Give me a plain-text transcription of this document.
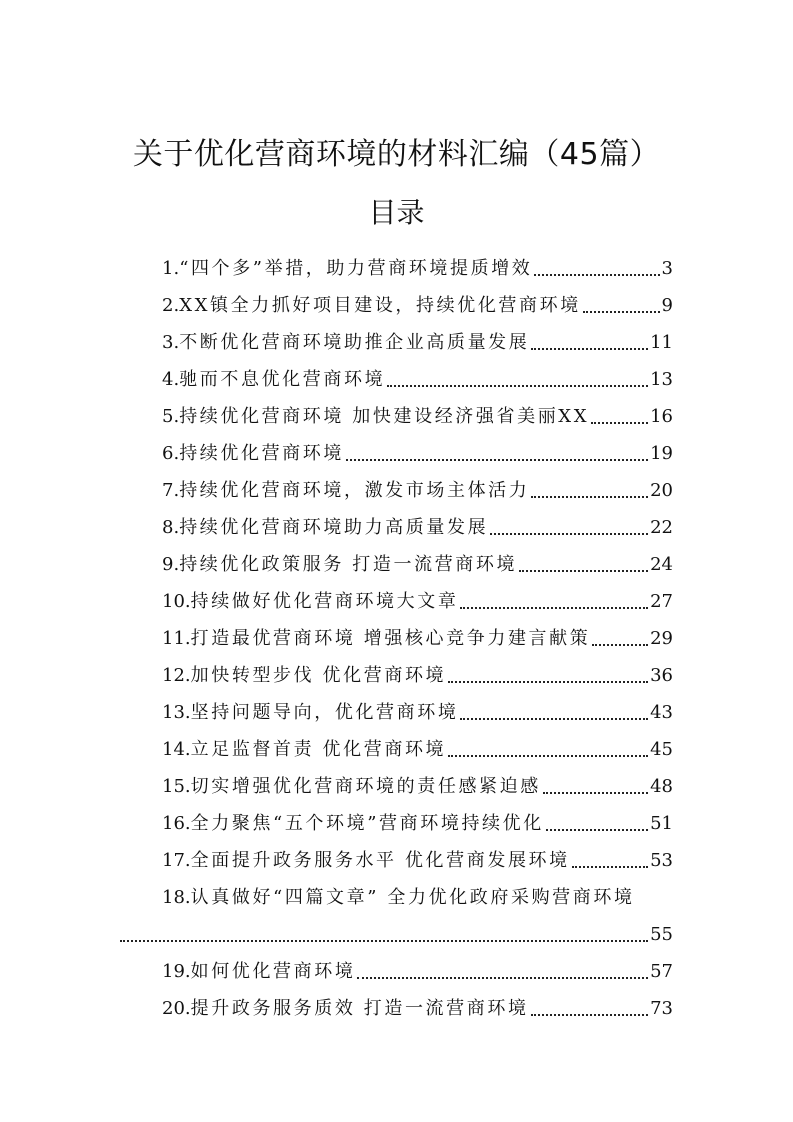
关于优化营商环境的材料汇编（45篇）
目录
1. “四个多”举措，助力营商环境提质增效	3
2. XX镇全力抓好项目建设，持续优化营商环境	9
3. 不断优化营商环境助推企业高质量发展	11
4. 驰而不息优化营商环境	13
5. 持续优化营商环境 加快建设经济强省美丽XX	16
6. 持续优化营商环境	19
7. 持续优化营商环境，激发市场主体活力	20
8. 持续优化营商环境助力高质量发展	22
9. 持续优化政策服务 打造一流营商环境	24
10. 持续做好优化营商环境大文章	27
11. 打造最优营商环境 增强核心竞争力建言献策	29
12. 加快转型步伐 优化营商环境	36
13. 坚持问题导向，优化营商环境	43
14. 立足监督首责 优化营商环境	45
15. 切实增强优化营商环境的责任感紧迫感	48
16. 全力聚焦“五个环境”营商环境持续优化	51
17. 全面提升政务服务水平 优化营商发展环境	53
18. 认真做好“四篇文章” 全力优化政府采购营商环境
55
19. 如何优化营商环境	57
20. 提升政务服务质效 打造一流营商环境	73
